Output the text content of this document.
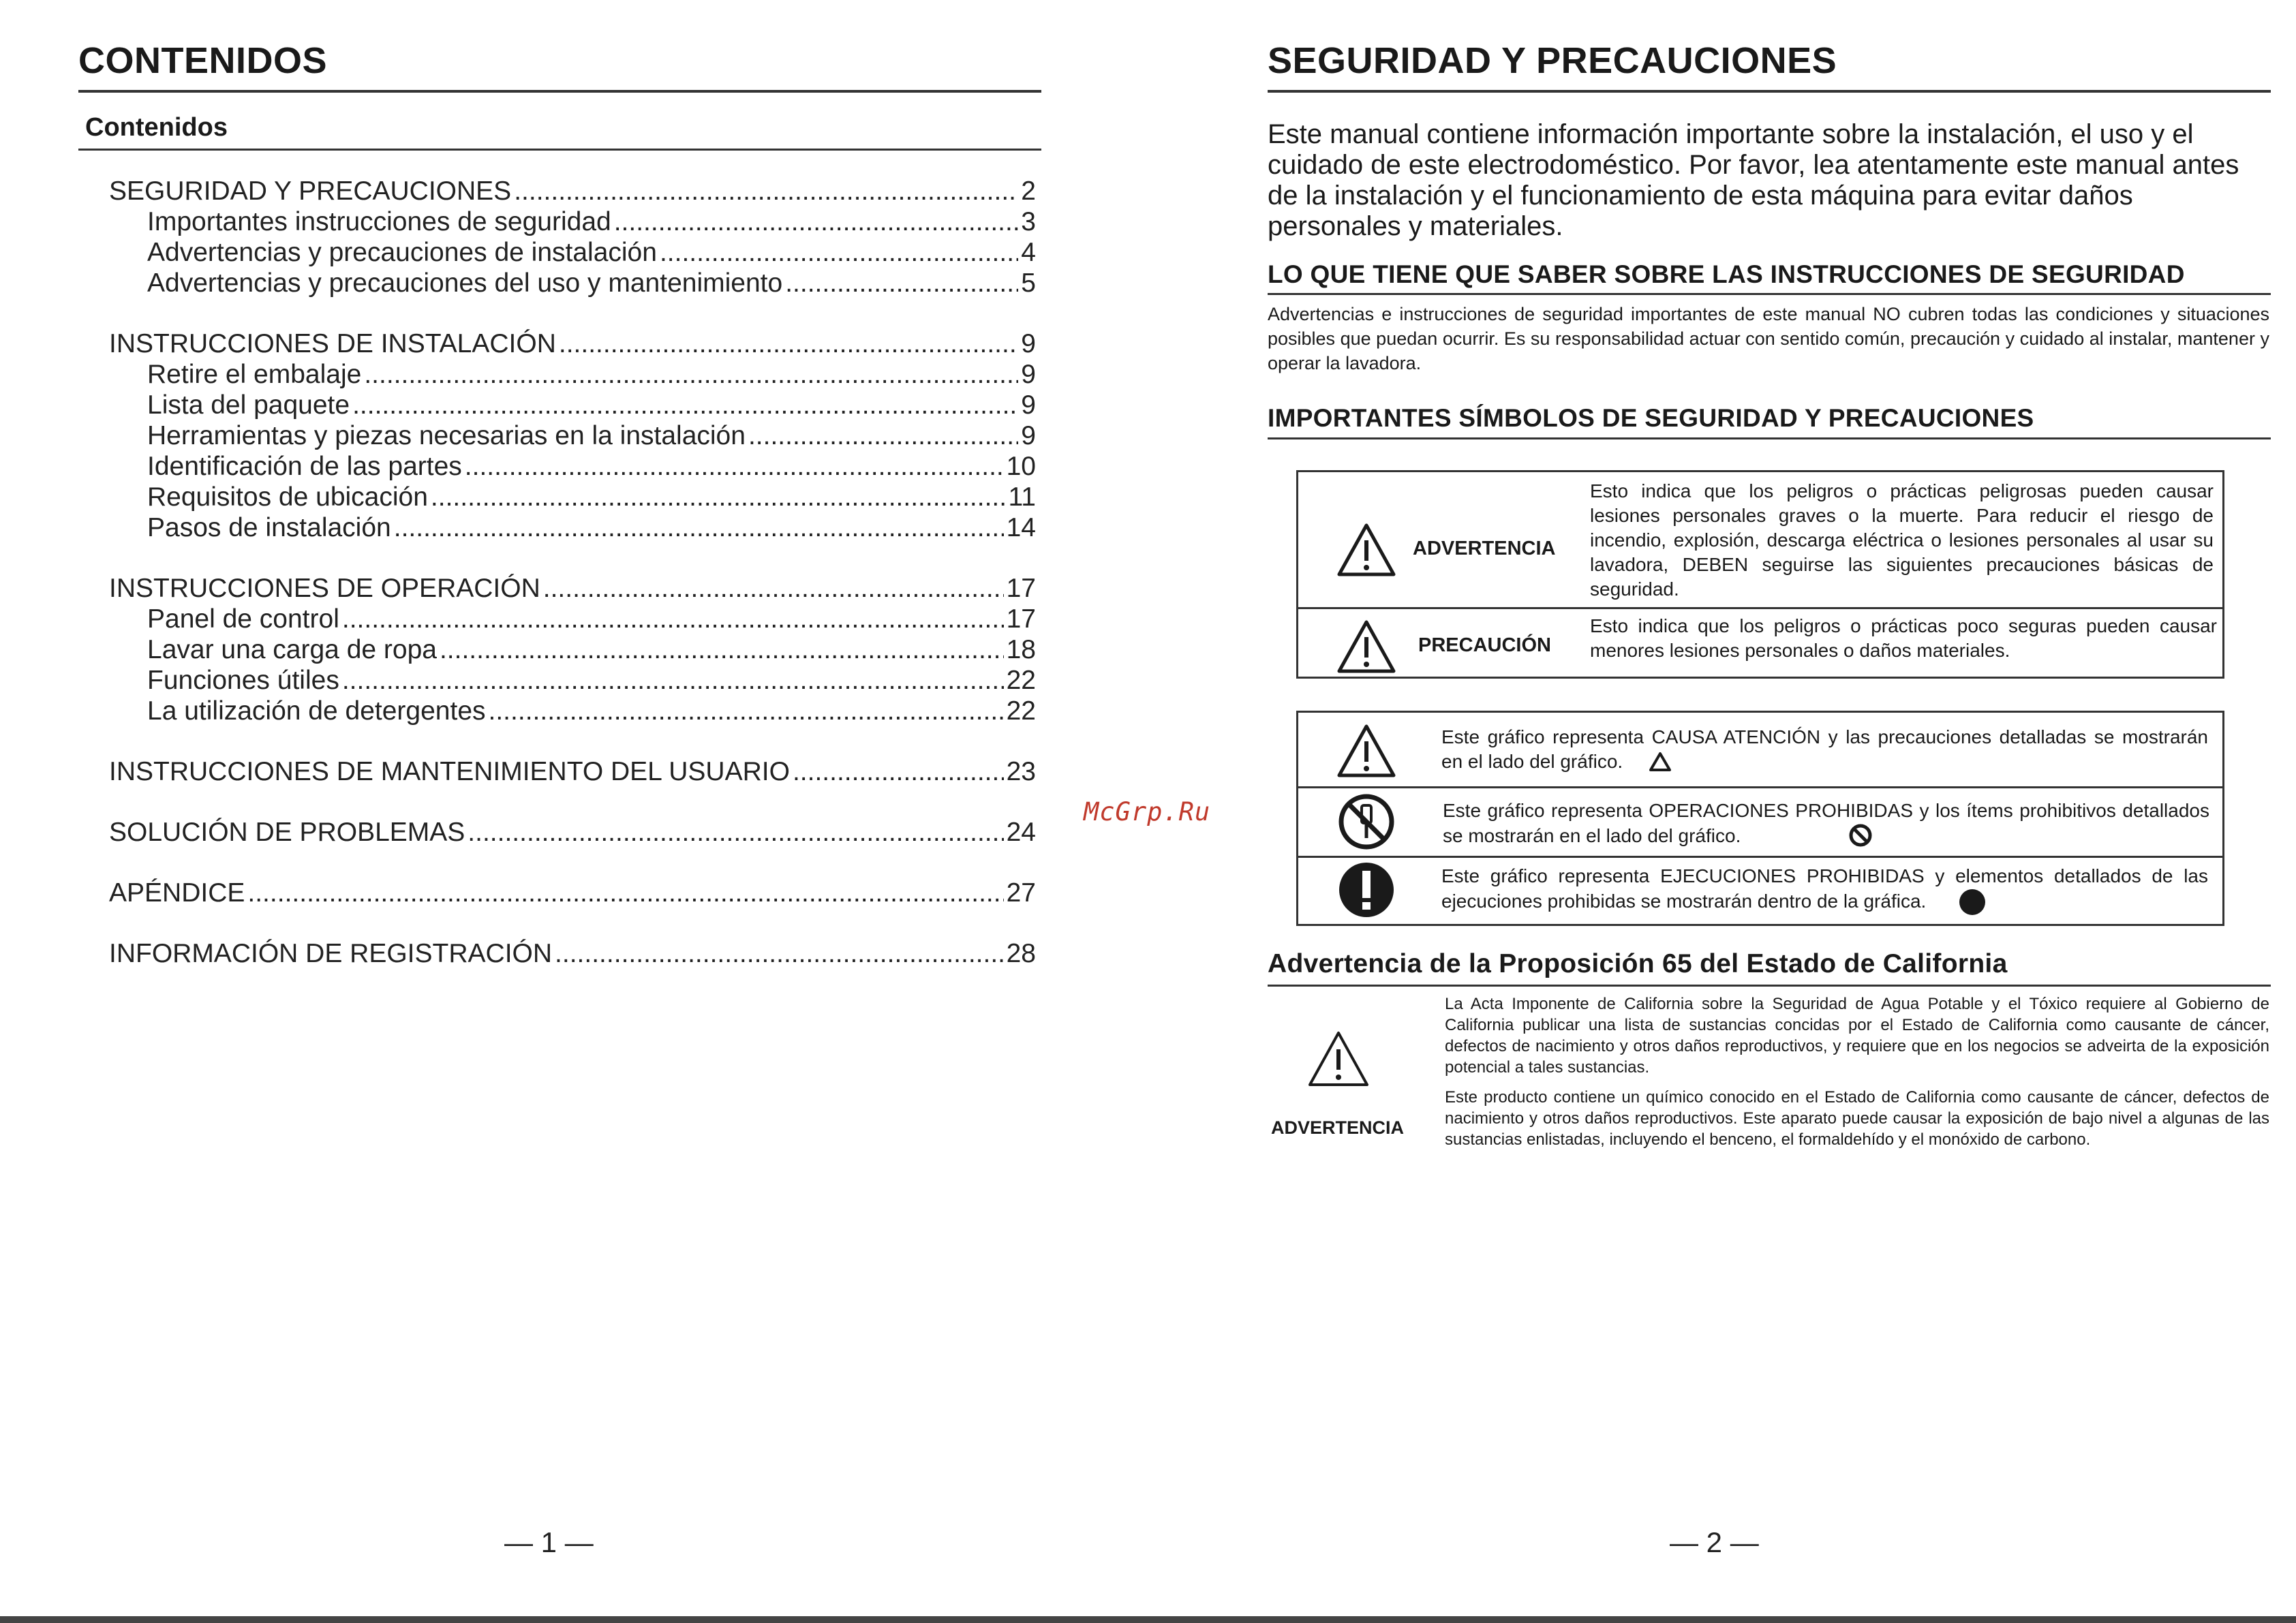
CONTENIDOS
Contenidos
SEGURIDAD Y PRECAUCIONES .....	2
Importantes instrucciones de seguridad .....	3
Advertencias y precauciones de instalación .....	4
Advertencias y precauciones del uso y mantenimiento .....	5
INSTRUCCIONES DE INSTALACIÓN .....	9
Retire el embalaje .....	9
Lista del paquete .....	9
Herramientas y piezas necesarias en la instalación .....	9
Identificación de las partes .....	10
Requisitos de ubicación .....	11
Pasos de instalación .....	14
INSTRUCCIONES DE OPERACIÓN .....	17
Panel de control .....	17
Lavar una carga de ropa .....	18
Funciones útiles .....	22
La utilización de detergentes .....	22
INSTRUCCIONES DE MANTENIMIENTO DEL USUARIO .....	23
SOLUCIÓN DE PROBLEMAS .....	24
APÉNDICE .....	27
INFORMACIÓN DE REGISTRACIÓN .....	28
— 1 —
SEGURIDAD Y PRECAUCIONES
Este manual contiene información importante sobre la instalación, el uso y el cuidado de este electrodoméstico. Por favor, lea atentamente este manual antes de la instalación y el funcionamiento de esta máquina para evitar daños personales y materiales.
LO QUE TIENE QUE SABER SOBRE LAS INSTRUCCIONES DE SEGURIDAD
Advertencias e instrucciones de seguridad importantes de este manual NO cubren todas las condiciones y situaciones posibles que puedan ocurrir. Es su responsabilidad actuar con sentido común, precaución y cuidado al instalar, mantener y operar la lavadora.
IMPORTANTES SÍMBOLOS DE SEGURIDAD Y PRECAUCIONES
ADVERTENCIA
Esto indica que los peligros o prácticas peligrosas pueden causar lesiones personales graves o la muerte. Para reducir el riesgo de incendio, explosión, descarga eléctrica o lesiones personales al usar su lavadora, DEBEN seguirse las siguientes precauciones básicas de seguridad.
PRECAUCIÓN
Esto indica que los peligros o prácticas poco seguras pueden causar menores lesiones personales o daños materiales.
Este gráfico representa CAUSA ATENCIÓN y las precauciones detalladas se mostrarán en el lado del gráfico.
Este gráfico representa OPERACIONES PROHIBIDAS y los ítems prohibitivos detallados se mostrarán en el lado del gráfico.
Este gráfico representa EJECUCIONES PROHIBIDAS y elementos detallados de las ejecuciones prohibidas se mostrarán dentro de la gráfica.
Advertencia de la Proposición 65 del Estado de California
ADVERTENCIA
La Acta Imponente de California sobre la Seguridad de Agua Potable y el Tóxico requiere al Gobierno de California publicar una lista de sustancias concidas por el Estado de California como causante de cáncer, defectos de nacimiento y otros daños reproductivos, y requiere que en los negocios se adveirta de la exposición potencial a tales sustancias.
Este producto contiene un químico conocido en el Estado de California como causante de cáncer, defectos de nacimiento y otros daños reproductivos. Este aparato puede causar la exposición de bajo nivel a algunas de las sustancias enlistadas, incluyendo el benceno, el formaldehído y el monóxido de carbono.
— 2 —
McGrp.Ru
